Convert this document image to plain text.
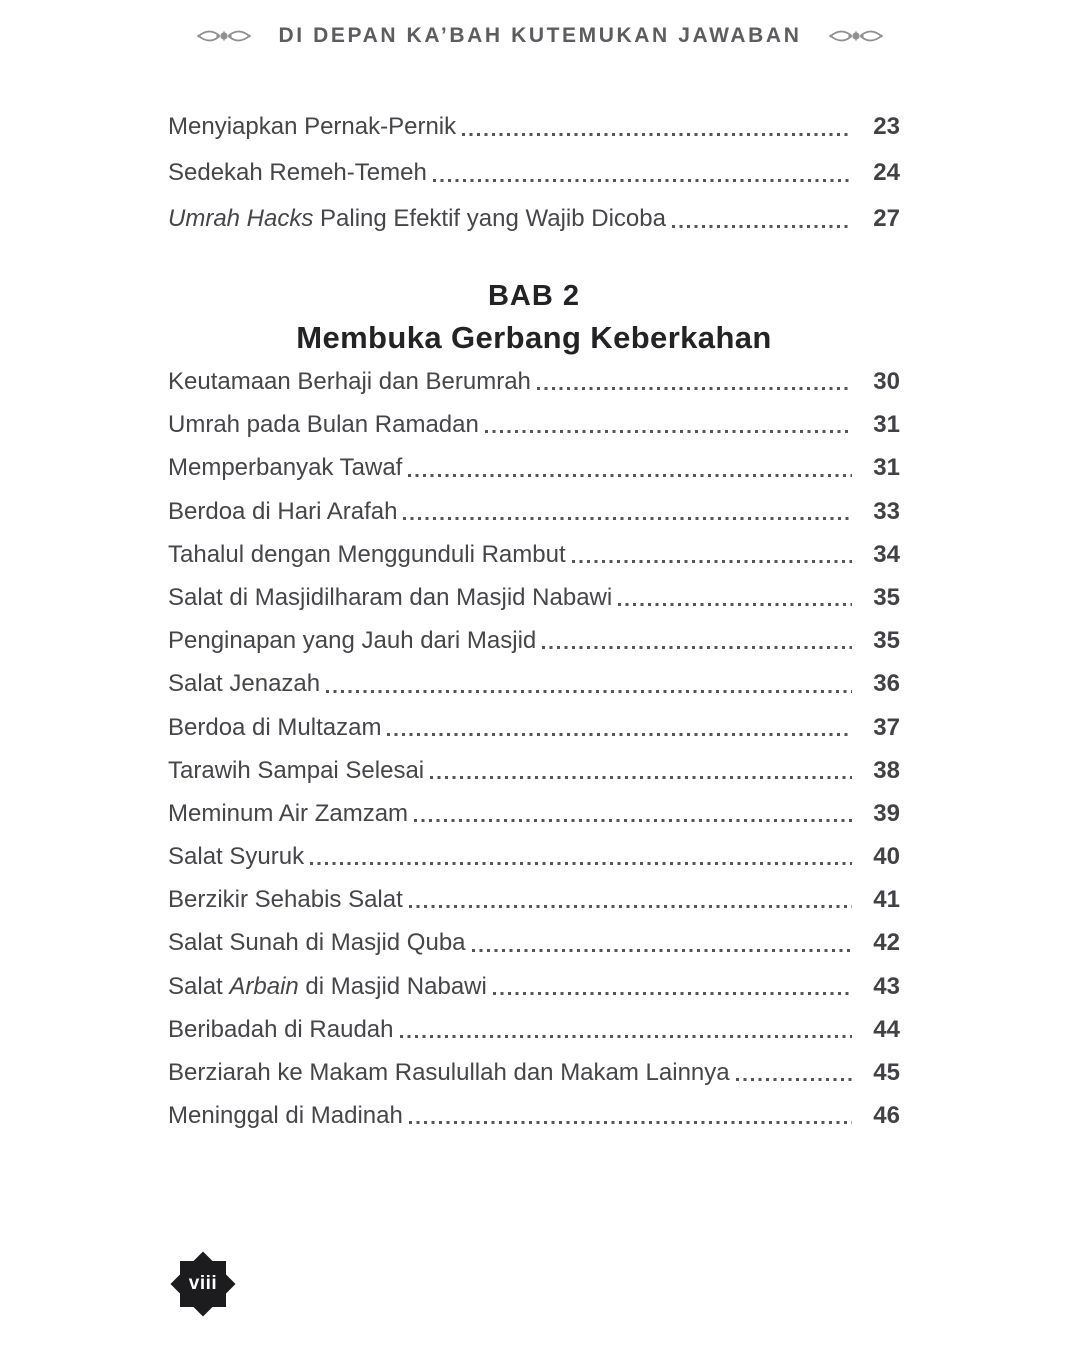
DI DEPAN KA’BAH KUTEMUKAN JAWABAN
Menyiapkan Pernak-Pernik	23
Sedekah Remeh-Temeh	24
Umrah Hacks Paling Efektif yang Wajib Dicoba	27
BAB 2
Membuka Gerbang Keberkahan
Keutamaan Berhaji dan Berumrah	30
Umrah pada Bulan Ramadan	31
Memperbanyak Tawaf	31
Berdoa di Hari Arafah	33
Tahalul dengan Menggunduli Rambut	34
Salat di Masjidilharam dan Masjid Nabawi	35
Penginapan yang Jauh dari Masjid	35
Salat Jenazah	36
Berdoa di Multazam	37
Tarawih Sampai Selesai	38
Meminum Air Zamzam	39
Salat Syuruk	40
Berzikir Sehabis Salat	41
Salat Sunah di Masjid Quba	42
Salat Arbain di Masjid Nabawi	43
Beribadah di Raudah	44
Berziarah ke Makam Rasulullah dan Makam Lainnya	45
Meninggal di Madinah	46
viii
